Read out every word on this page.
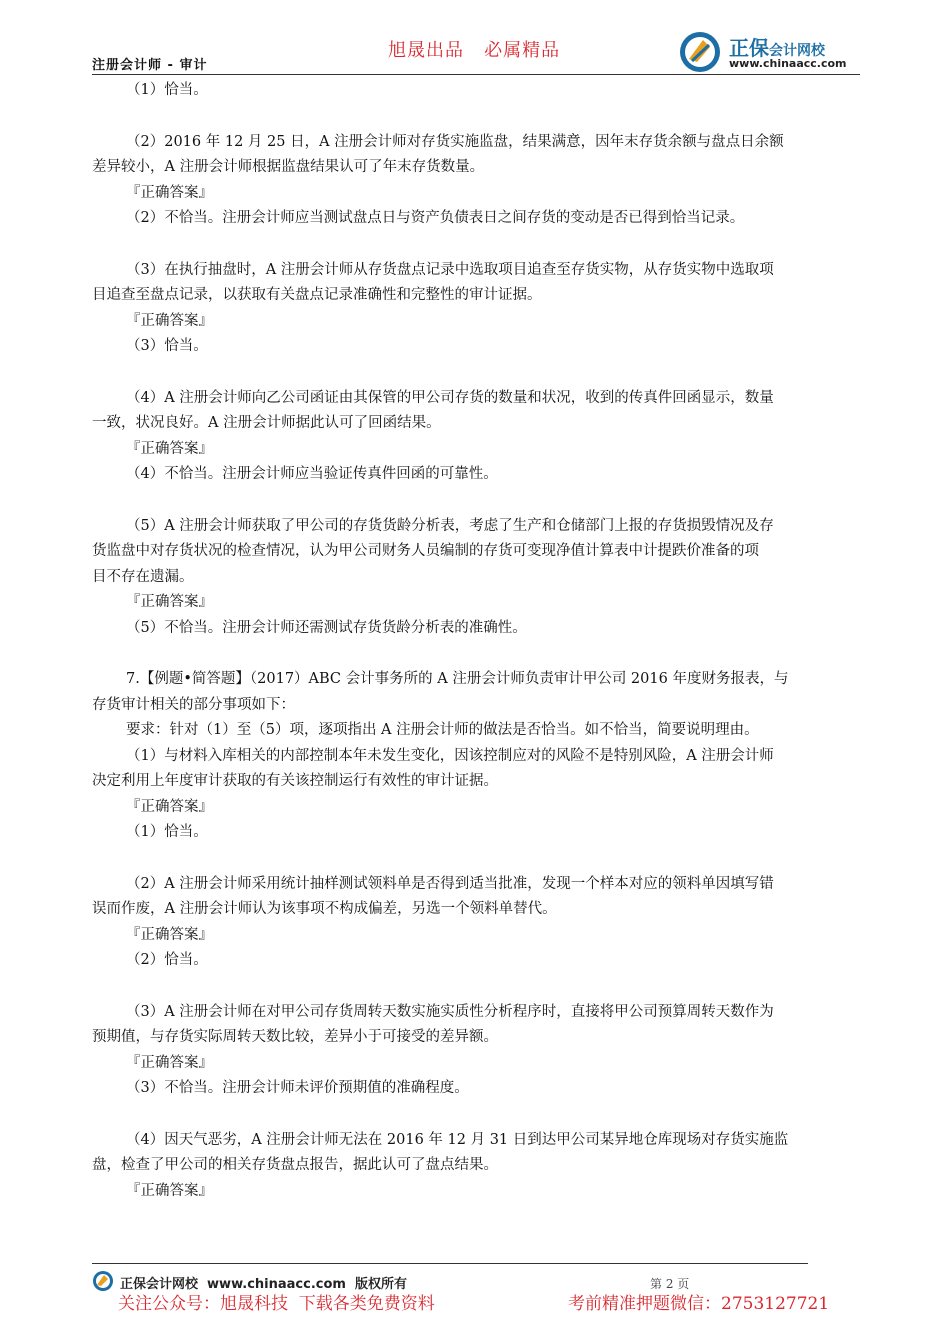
注册会计师 - 审计
旭晟出品   必属精品	正保会计网校
www.chinaacc.com
（1）恰当。
（2）2016 年 12 月 25 日，A 注册会计师对存货实施监盘，结果满意，因年末存货余额与盘点日余额
差异较小，A 注册会计师根据监盘结果认可了年末存货数量。
『正确答案』
（2）不恰当。注册会计师应当测试盘点日与资产负债表日之间存货的变动是否已得到恰当记录。
（3）在执行抽盘时，A 注册会计师从存货盘点记录中选取项目追查至存货实物，从存货实物中选取项
目追查至盘点记录，以获取有关盘点记录准确性和完整性的审计证据。
『正确答案』
（3）恰当。
（4）A 注册会计师向乙公司函证由其保管的甲公司存货的数量和状况，收到的传真件回函显示，数量
一致，状况良好。A 注册会计师据此认可了回函结果。
『正确答案』
（4）不恰当。注册会计师应当验证传真件回函的可靠性。
（5）A 注册会计师获取了甲公司的存货货龄分析表，考虑了生产和仓储部门上报的存货损毁情况及存
货监盘中对存货状况的检查情况，认为甲公司财务人员编制的存货可变现净值计算表中计提跌价准备的项
目不存在遗漏。
『正确答案』
（5）不恰当。注册会计师还需测试存货货龄分析表的准确性。
7.【例题•简答题】（2017）ABC 会计事务所的 A 注册会计师负责审计甲公司 2016 年度财务报表，与
存货审计相关的部分事项如下：
要求：针对（1）至（5）项，逐项指出 A 注册会计师的做法是否恰当。如不恰当，简要说明理由。
（1）与材料入库相关的内部控制本年未发生变化，因该控制应对的风险不是特别风险，A 注册会计师
决定利用上年度审计获取的有关该控制运行有效性的审计证据。
『正确答案』
（1）恰当。
（2）A 注册会计师采用统计抽样测试领料单是否得到适当批准，发现一个样本对应的领料单因填写错
误而作废，A 注册会计师认为该事项不构成偏差，另选一个领料单替代。
『正确答案』
（2）恰当。
（3）A 注册会计师在对甲公司存货周转天数实施实质性分析程序时，直接将甲公司预算周转天数作为
预期值，与存货实际周转天数比较，差异小于可接受的差异额。
『正确答案』
（3）不恰当。注册会计师未评价预期值的准确程度。
（4）因天气恶劣，A 注册会计师无法在 2016 年 12 月 31 日到达甲公司某异地仓库现场对存货实施监
盘，检查了甲公司的相关存货盘点报告，据此认可了盘点结果。
『正确答案』
正保会计网校  www.chinaacc.com  版权所有	第 2 页
关注公众号：旭晟科技  下载各类免费资料	考前精准押题微信：2753127721
